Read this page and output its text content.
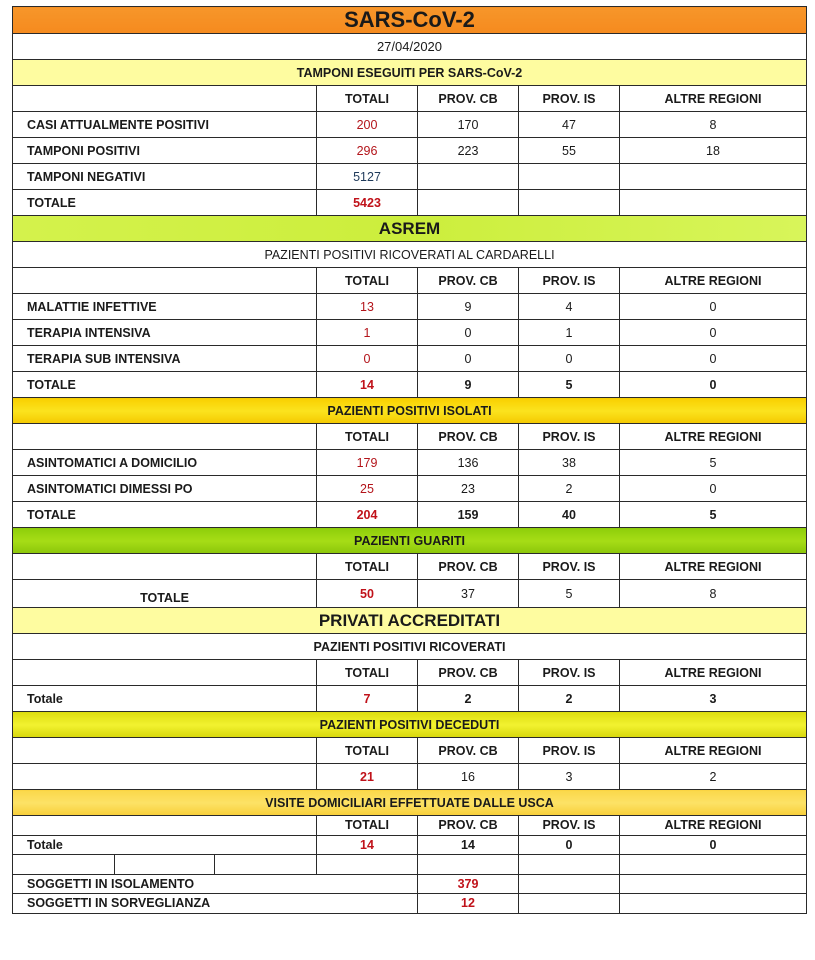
SARS-CoV-2						
27/04/2020						
TAMPONI ESEGUITI PER SARS-CoV-2						
			TOTALI	PROV. CB	PROV. IS	ALTRE REGIONI
CASI ATTUALMENTE POSITIVI			200	170	47	8
TAMPONI POSITIVI			296	223	55	18
TAMPONI NEGATIVI			5127			
TOTALE			5423			
ASREM						
PAZIENTI POSITIVI RICOVERATI AL CARDARELLI						
			TOTALI	PROV. CB	PROV. IS	ALTRE REGIONI
MALATTIE INFETTIVE			13	9	4	0
TERAPIA INTENSIVA			1	0	1	0
TERAPIA SUB INTENSIVA			0	0	0	0
TOTALE			14	9	5	0
PAZIENTI POSITIVI ISOLATI						
			TOTALI	PROV. CB	PROV. IS	ALTRE REGIONI
ASINTOMATICI A DOMICILIO			179	136	38	5
ASINTOMATICI DIMESSI PO			25	23	2	0
TOTALE			204	159	40	5
PAZIENTI GUARITI						
			TOTALI	PROV. CB	PROV. IS	ALTRE REGIONI
TOTALE			50	37	5	8
PRIVATI ACCREDITATI						
PAZIENTI POSITIVI RICOVERATI						
			TOTALI	PROV. CB	PROV. IS	ALTRE REGIONI
Totale			7	2	2	3
PAZIENTI POSITIVI DECEDUTI						
			TOTALI	PROV. CB	PROV. IS	ALTRE REGIONI
			21	16	3	2
VISITE DOMICILIARI EFFETTUATE DALLE USCA						
			TOTALI	PROV. CB	PROV. IS	ALTRE REGIONI
Totale			14	14	0	0

SOGGETTI IN ISOLAMENTO				379		
SOGGETTI IN SORVEGLIANZA				12		
